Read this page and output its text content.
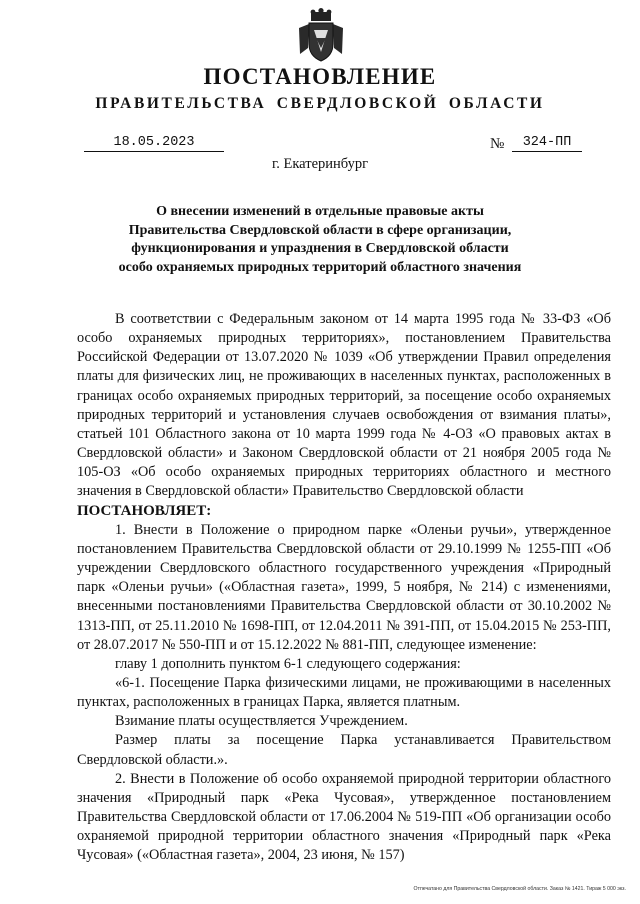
ПОСТАНОВЛЕНИЕ
ПРАВИТЕЛЬСТВА СВЕРДЛОВСКОЙ ОБЛАСТИ
18.05.2023	№	324-ПП
г. Екатеринбург
О внесении изменений в отдельные правовые акты
Правительства Свердловской области в сфере организации,
функционирования и упразднения в Свердловской области
особо охраняемых природных территорий областного значения

В соответствии с Федеральным законом от 14 марта 1995 года № 33-ФЗ «Об особо охраняемых природных территориях», постановлением Правительства Российской Федерации от 13.07.2020 № 1039 «Об утверждении Правил определения платы для физических лиц, не проживающих в населенных пунктах, расположенных в границах особо охраняемых природных территорий, за посещение особо охраняемых природных территорий и установления случаев освобождения от взимания платы», статьей 101 Областного закона от 10 марта 1999 года № 4-ОЗ «О правовых актах в Свердловской области» и Законом Свердловской области от 21 ноября 2005 года № 105-ОЗ «Об особо охраняемых природных территориях областного и местного значения в Свердловской области» Правительство Свердловской области

ПОСТАНОВЛЯЕТ:

1. Внести в Положение о природном парке «Оленьи ручьи», утвержденное постановлением Правительства Свердловской области от 29.10.1999 № 1255-ПП «Об учреждении Свердловского областного государственного учреждения «Природный парк «Оленьи ручьи» («Областная газета», 1999, 5 ноября, № 214) с изменениями, внесенными постановлениями Правительства Свердловской области от 30.10.2002 № 1313-ПП, от 25.11.2010 № 1698-ПП, от 12.04.2011 № 391-ПП, от 15.04.2015 № 253-ПП, от 28.07.2017 № 550-ПП и от 15.12.2022 № 881-ПП, следующее изменение:

главу 1 дополнить пунктом 6-1 следующего содержания:

«6-1. Посещение Парка физическими лицами, не проживающими в населенных пунктах, расположенных в границах Парка, является платным.

Взимание платы осуществляется Учреждением.

Размер платы за посещение Парка устанавливается Правительством Свердловской области.».

2. Внести в Положение об особо охраняемой природной территории областного значения «Природный парк «Река Чусовая», утвержденное постановлением Правительства Свердловской области от 17.06.2004 № 519-ПП «Об организации особо охраняемой природной территории областного значения «Природный парк «Река Чусовая» («Областная газета», 2004, 23 июня, № 157)

Отпечатано для Правительства Свердловской области. Заказ № 1421. Тираж 5 000 экз.
